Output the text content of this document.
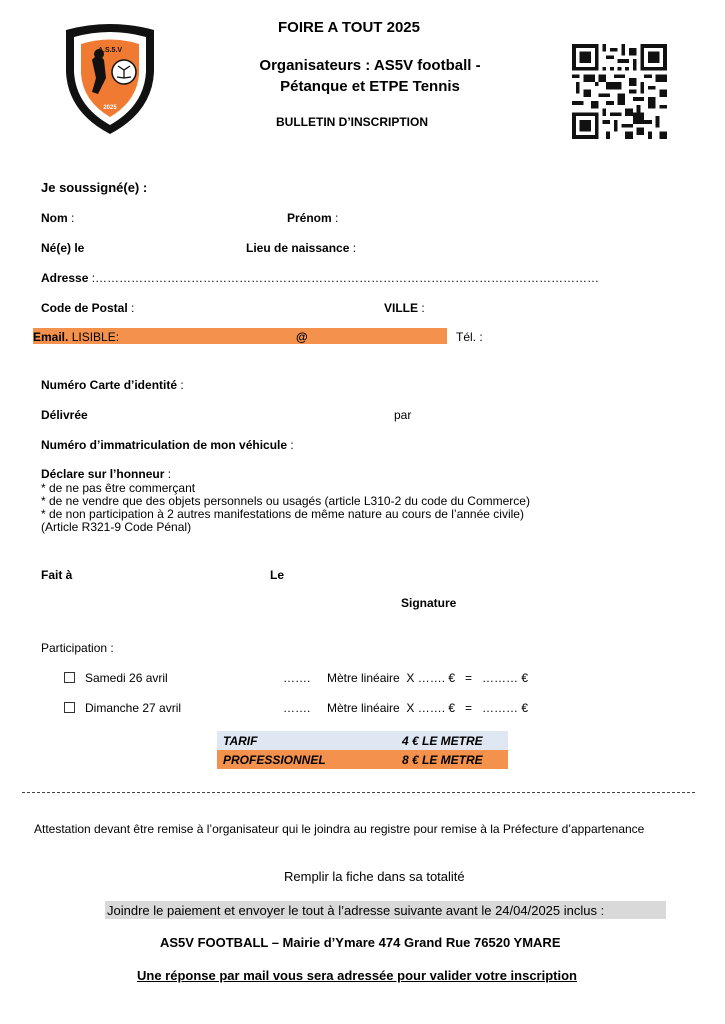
A.S.5.V
2025
FOIRE A TOUT 2025
Organisateurs : AS5V football -
Pétanque et ETPE Tennis
BULLETIN D’INSCRIPTION
Je soussigné(e) :
Nom :	Prénom :
Né(e) le	Lieu de naissance :
Adresse :………………………………………………………………………………………………………………
Code de Postal :	VILLE :
Email. LISIBLE:	@	Tél. :
Numéro Carte d’identité :
Délivrée	par
Numéro d’immatriculation de mon véhicule :
Déclare sur l’honneur :
* de ne pas être commerçant
* de ne vendre que des objets personnels ou usagés (article L310-2 du code du Commerce)
* de non participation à 2 autres manifestations de même nature au cours de l’année civile)
(Article R321-9 Code Pénal)
Fait à	Le
Signature
Participation :
Samedi 26 avril	……. Mètre linéaire  X ……. €   =   ……… €
Dimanche 27 avril	……. Mètre linéaire  X ……. €   =   ……… €
TARIF	4 € LE METRE
PROFESSIONNEL	8 € LE METRE
Attestation devant être remise à l’organisateur qui le joindra au registre pour remise à la Préfecture d’appartenance
Remplir la fiche dans sa totalité
Joindre le paiement et envoyer le tout à l’adresse suivante avant le 24/04/2025 inclus :
AS5V FOOTBALL – Mairie d’Ymare 474 Grand Rue 76520 YMARE
Une réponse par mail vous sera adressée pour valider votre inscription
